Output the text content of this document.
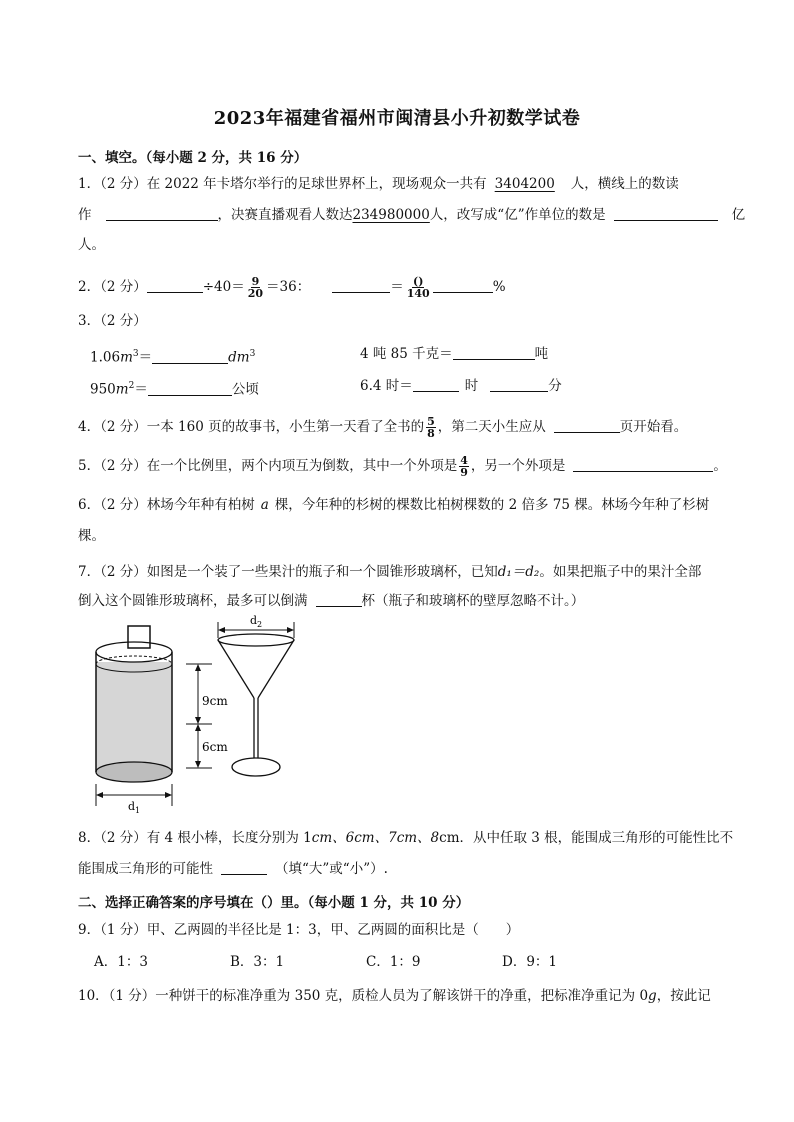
2023年福建省福州市闽清县小升初数学试卷
一、填空。（每小题 2 分，共 16 分）
1．（2 分）在 2022 年卡塔尔举行的足球世界杯上，现场观众一共有 3404200 人，横线上的数读
作	，决赛直播观看人数达234980000人，改写成“亿”作单位的数是	亿
人。
2．（2 分）	$\div 40= \frac{9}{20} =36$：	＝ $\frac{()}{140}$	%
3．（2 分）
$1.06m^3=$	$dm^3$	4 吨 85 千克＝	吨
$950m^2=$	公顷	6.4 时＝	时	分
4．（2 分）一本 160 页的故事书，小生第一天看了全书的 $\frac{5}{8}$ ，第二天小生应从	页开始看。
5．（2 分）在一个比例里，两个内项互为倒数，其中一个外项是 $\frac{4}{9}$ ，另一个外项是	。
6．（2 分）林场今年种有柏树 a 棵，今年种的杉树的棵数比柏树棵数的 2 倍多 75 棵。林场今年种了杉树
棵。
7．（2 分）如图是一个装了一些果汁的瓶子和一个圆锥形玻璃杯，已知d₁＝d₂。如果把瓶子中的果汁全部
倒入这个圆锥形玻璃杯，最多可以倒满	杯（瓶子和玻璃杯的壁厚忽略不计。）
$d_1$
9cm
6cm
$d_2$
8．（2 分）有 4 根小棒，长度分别为 1cm、6cm、7cm、8cm．从中任取 3 根，能围成三角形的可能性比不
能围成三角形的可能性	（填“大”或“小”）.
二、选择正确答案的序号填在（）里。（每小题 1 分，共 10 分）
9．（1 分）甲、乙两圆的半径比是 1：3，甲、乙两圆的面积比是（　　）
A．1：3	B．3：1	C．1：9	D．9：1
10．（1 分）一种饼干的标准净重为 350 克，质检人员为了解该饼干的净重，把标准净重记为 0g，按此记
